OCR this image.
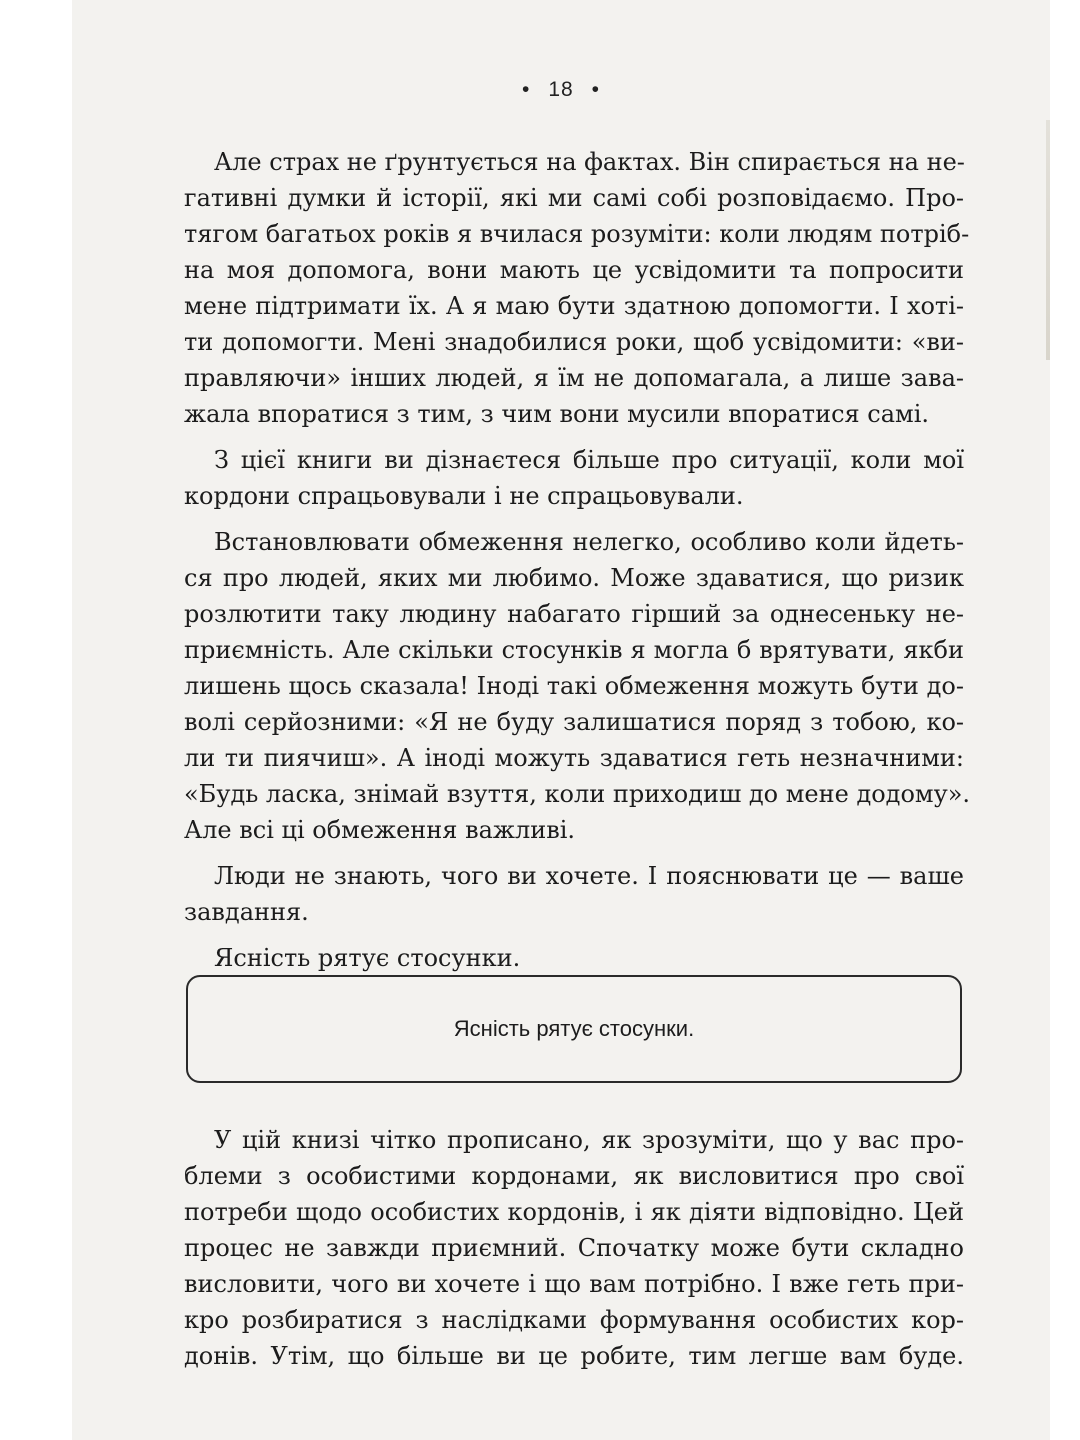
• 18 •
Але страх не ґрунтується на фактах. Він спирається на не-
гативні думки й історії, які ми самі собі розповідаємо. Про-
тягом багатьох років я вчилася розуміти: коли людям потріб-
на моя допомога, вони мають це усвідомити та попросити
мене підтримати їх. А я маю бути здатною допомогти. І хоті-
ти допомогти. Мені знадобилися роки, щоб усвідомити: «ви-
правляючи» інших людей, я їм не допомагала, а лише зава-
жала впоратися з тим, з чим вони мусили впоратися самі.
З цієї книги ви дізнаєтеся більше про ситуації, коли мої
кордони спрацьовували і не спрацьовували.
Встановлювати обмеження нелегко, особливо коли йдеть-
ся про людей, яких ми любимо. Може здаватися, що ризик
розлютити таку людину набагато гірший за однесеньку не-
приємність. Але скільки стосунків я могла б врятувати, якби
лишень щось сказала! Іноді такі обмеження можуть бути до-
волі серйозними: «Я не буду залишатися поряд з тобою, ко-
ли ти пиячиш». А іноді можуть здаватися геть незначними:
«Будь ласка, знімай взуття, коли приходиш до мене додому».
Але всі ці обмеження важливі.
Люди не знають, чого ви хочете. І пояснювати це — ваше
завдання.
Ясність рятує стосунки.
Ясність рятує стосунки.
У цій книзі чітко прописано, як зрозуміти, що у вас про-
блеми з особистими кордонами, як висловитися про свої
потреби щодо особистих кордонів, і як діяти відповідно. Цей
процес не завжди приємний. Спочатку може бути складно
висловити, чого ви хочете і що вам потрібно. І вже геть при-
кро розбиратися з наслідками формування особистих кор-
донів. Утім, що більше ви це робите, тим легше вам буде.
